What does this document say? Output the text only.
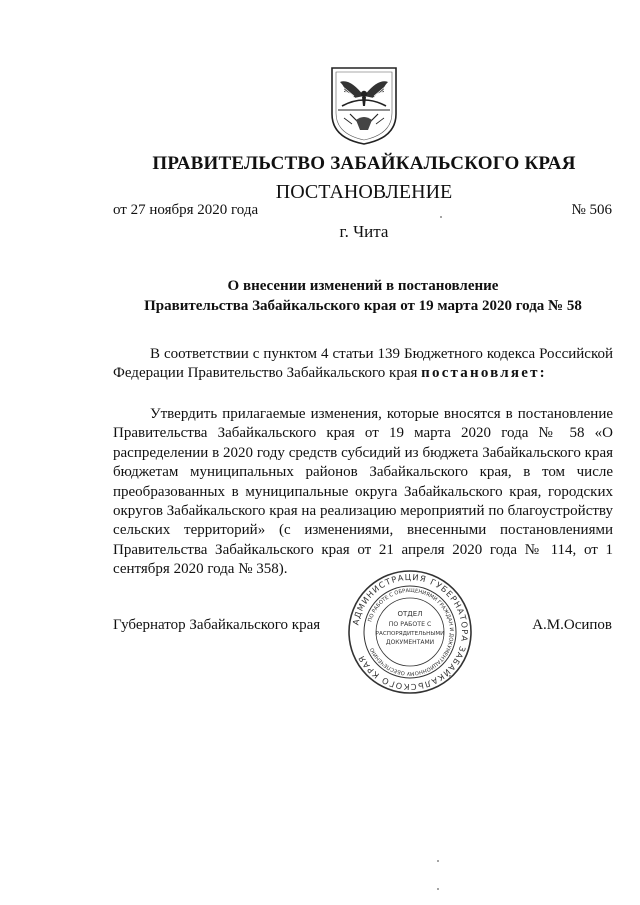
ПРАВИТЕЛЬСТВО ЗАБАЙКАЛЬСКОГО КРАЯ
ПОСТАНОВЛЕНИЕ
от 27 ноября 2020 года	№ 506
г. Чита
О внесении изменений в постановление
Правительства Забайкальского края от 19 марта 2020 года № 58
В соответствии с пунктом 4 статьи 139 Бюджетного кодекса Российской Федерации Правительство Забайкальского края постановляет:
Утвердить прилагаемые изменения, которые вносятся в постановление Правительства Забайкальского края от 19 марта 2020 года № 58 «О распределении в 2020 году средств субсидий из бюджета Забайкальского края бюджетам муниципальных районов Забайкальского края, в том числе преобразованных в муниципальные округа Забайкальского края, городских округов Забайкальского края на реализацию мероприятий по благоустройству сельских территорий» (с изменениями, внесенными постановлениями Правительства Забайкальского края от 21 апреля 2020 года № 114, от 1 сентября 2020 года № 358).
Губернатор Забайкальского края	А.М.Осипов
АДМИНИСТРАЦИЯ ГУБЕРНАТОРА ЗАБАЙКАЛЬСКОГО КРАЯ
ПО РАБОТЕ С ОБРАЩЕНИЯМИ ГРАЖДАН И ДОКУМЕНТАЦИОННОМУ ОБЕСПЕЧЕНИЮ
ОТДЕЛ
ПО РАБОТЕ С
РАСПОРЯДИТЕЛЬНЫМИ
ДОКУМЕНТАМИ
